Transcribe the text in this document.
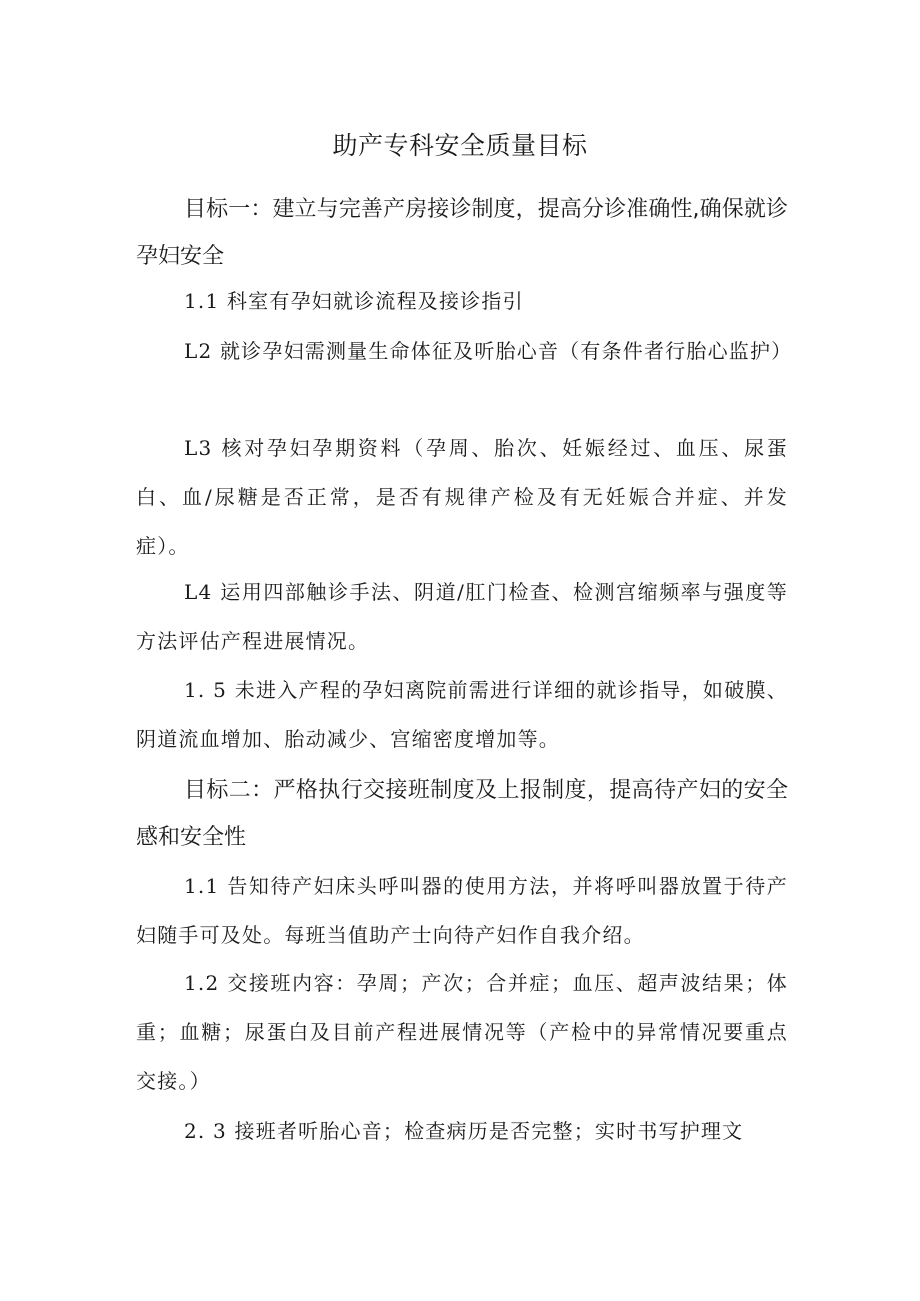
助产专科安全质量目标
目标一：建立与完善产房接诊制度，提高分诊准确性,确保就诊孕妇安全

1.1 科室有孕妇就诊流程及接诊指引

L2 就诊孕妇需测量生命体征及听胎心音（有条件者行胎心监护）

L3 核对孕妇孕期资料（孕周、胎次、妊娠经过、血压、尿蛋白、血/尿糖是否正常，是否有规律产检及有无妊娠合并症、并发症）。

L4 运用四部触诊手法、阴道/肛门检查、检测宫缩频率与强度等方法评估产程进展情况。

1. 5 未进入产程的孕妇离院前需进行详细的就诊指导，如破膜、阴道流血增加、胎动减少、宫缩密度增加等。

目标二：严格执行交接班制度及上报制度，提高待产妇的安全感和安全性

1.1 告知待产妇床头呼叫器的使用方法，并将呼叫器放置于待产妇随手可及处。每班当值助产士向待产妇作自我介绍。

1.2 交接班内容：孕周；产次；合并症；血压、超声波结果；体重；血糖；尿蛋白及目前产程进展情况等（产检中的异常情况要重点交接。）

2. 3 接班者听胎心音；检查病历是否完整；实时书写护理文
